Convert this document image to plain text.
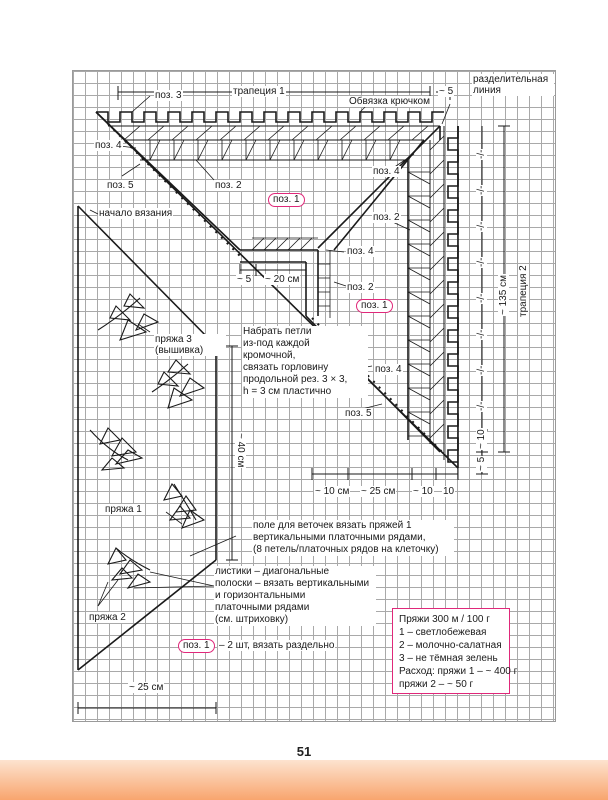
трапеция 1	~ 5
разделительная
линия
поз. 3
Обвязка крючком
поз. 4
поз. 5	поз. 2
поз. 4
поз. 1
поз. 2
поз. 4
поз. 2
поз. 1
поз. 4
поз. 5
~ 5 ~ 20 см
начало вязания
Набрать петли
из-под каждой
кромочной,
связать горловину
продольной рез. 3 × 3,
h = 3 см пластично
пряжа 3
(вышивка)
~ 40 см
пряжа 1
поле для веточек вязать пряжей 1
вертикальными платочными рядами,
(8 петель/платочных рядов на клеточку)
листики – диагональные
полоски – вязать вертикальными
и горизонтальными
платочными рядами
(см. штриховку)
пряжа 2
поз. 1 – 2 шт, вязать раздельно
~ 25 см
трапеция 2
~ 135 см
~ 10
~ 5
-/-
-/-
-/-
-/-
-/-
-/-
-/-
-/-
~ 10 см ~ 25 см ~ 10 10
Пряжи 300 м / 100 г
1 – светлобежевая
2 – молочно-салатная
3 – не тёмная зелень
Расход: пряжи 1 – ~ 400 г
пряжи 2 – ~ 50 г
51
